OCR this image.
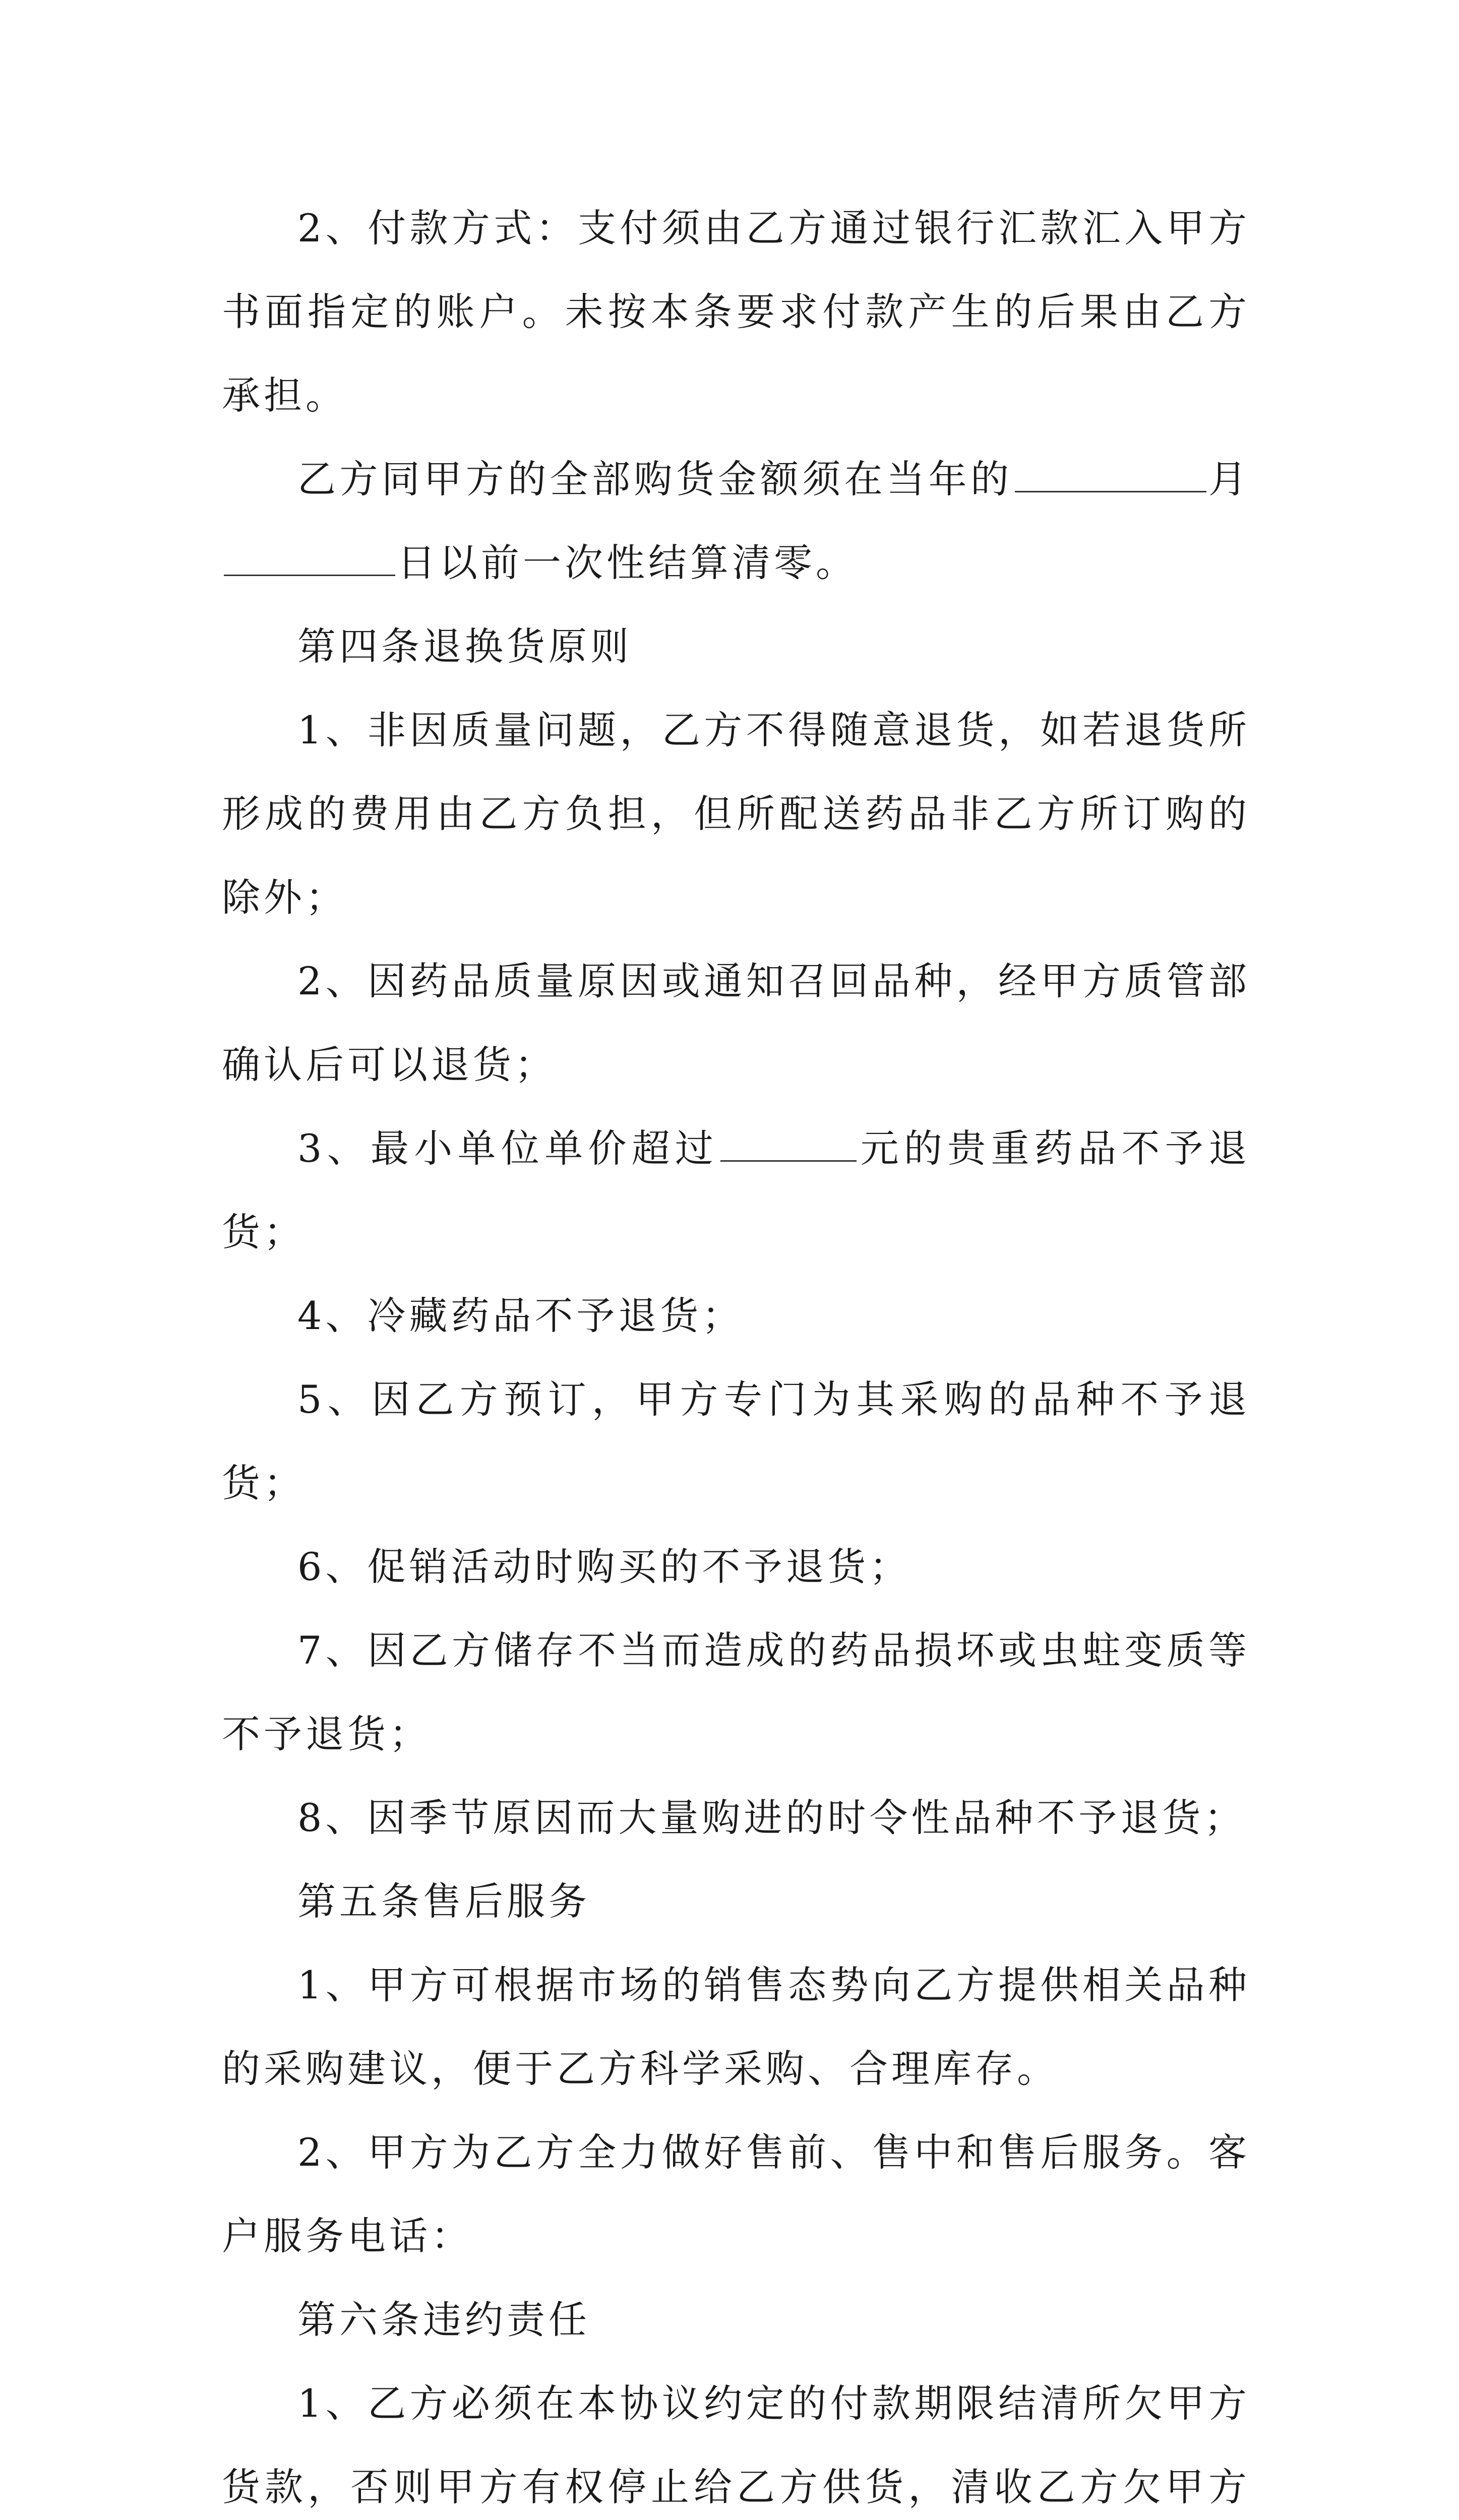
2、付款方式：支付须由乙方通过银行汇款汇入甲方书面指定的账户。未按本条要求付款产生的后果由乙方承担。

乙方同甲方的全部购货金额须在当年的	月日以前一次性结算清零。

第四条退换货原则

1、非因质量问题，乙方不得随意退货，如若退货所形成的费用由乙方负担，但所配送药品非乙方所订购的除外；

2、因药品质量原因或通知召回品种，经甲方质管部确认后可以退货；

3、最小单位单价超过	元的贵重药品不予退货；

4、冷藏药品不予退货；

5、因乙方预订，甲方专门为其采购的品种不予退货；

6、促销活动时购买的不予退货；

7、因乙方储存不当而造成的药品损坏或虫蛀变质等不予退货；

8、因季节原因而大量购进的时令性品种不予退货；

第五条售后服务

1、甲方可根据市场的销售态势向乙方提供相关品种的采购建议，便于乙方科学采购、合理库存。

2、甲方为乙方全力做好售前、售中和售后服务。客户服务电话：

第六条违约责任

1、乙方必须在本协议约定的付款期限结清所欠甲方货款，否则甲方有权停止给乙方供货，清收乙方欠甲方
